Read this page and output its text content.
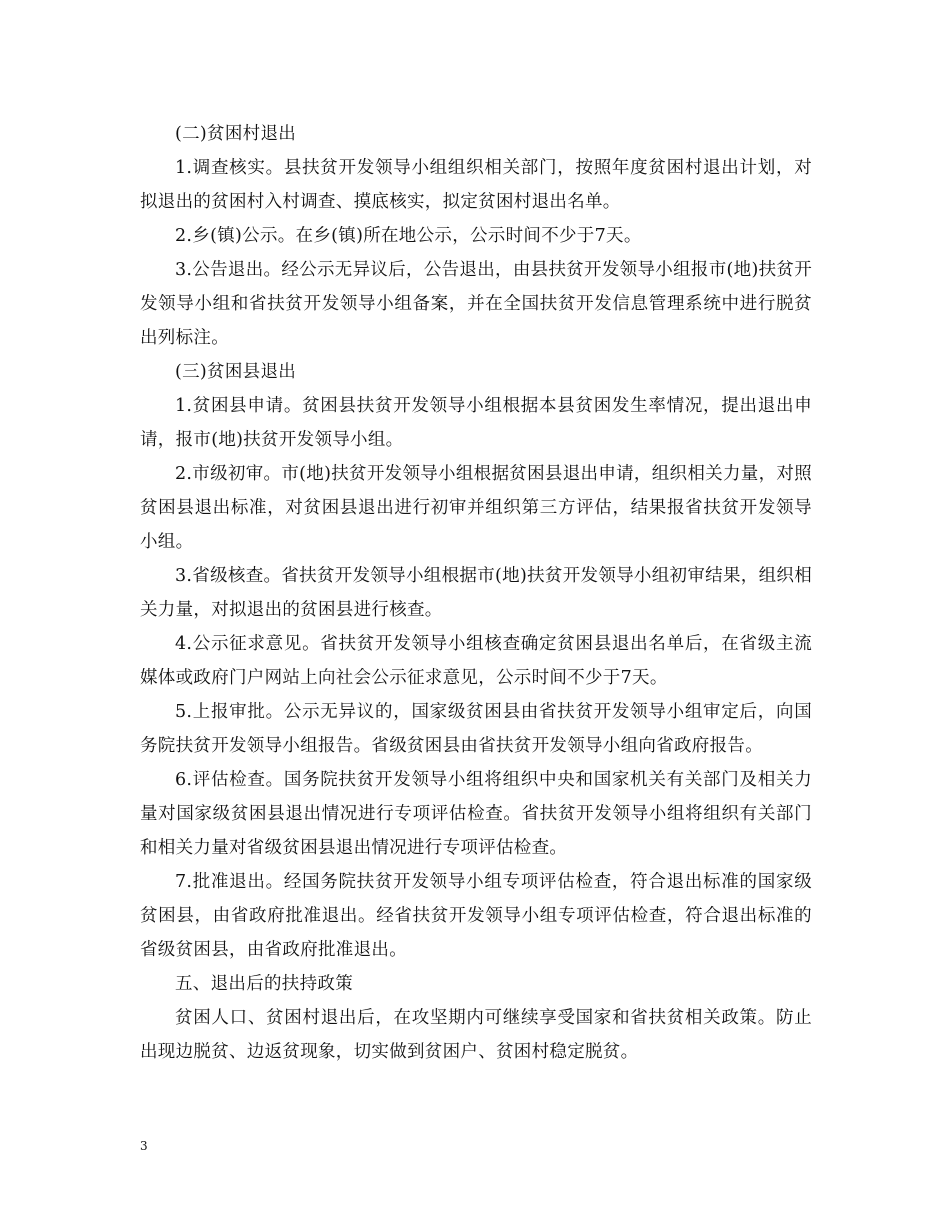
(二)贫困村退出

1.调查核实。县扶贫开发领导小组组织相关部门，按照年度贫困村退出计划，对拟退出的贫困村入村调查、摸底核实，拟定贫困村退出名单。

2.乡(镇)公示。在乡(镇)所在地公示，公示时间不少于7天。

3.公告退出。经公示无异议后，公告退出，由县扶贫开发领导小组报市(地)扶贫开发领导小组和省扶贫开发领导小组备案，并在全国扶贫开发信息管理系统中进行脱贫出列标注。

(三)贫困县退出

1.贫困县申请。贫困县扶贫开发领导小组根据本县贫困发生率情况，提出退出申请，报市(地)扶贫开发领导小组。

2.市级初审。市(地)扶贫开发领导小组根据贫困县退出申请，组织相关力量，对照贫困县退出标准，对贫困县退出进行初审并组织第三方评估，结果报省扶贫开发领导小组。

3.省级核查。省扶贫开发领导小组根据市(地)扶贫开发领导小组初审结果，组织相关力量，对拟退出的贫困县进行核查。

4.公示征求意见。省扶贫开发领导小组核查确定贫困县退出名单后，在省级主流媒体或政府门户网站上向社会公示征求意见，公示时间不少于7天。

5.上报审批。公示无异议的，国家级贫困县由省扶贫开发领导小组审定后，向国务院扶贫开发领导小组报告。省级贫困县由省扶贫开发领导小组向省政府报告。

6.评估检查。国务院扶贫开发领导小组将组织中央和国家机关有关部门及相关力量对国家级贫困县退出情况进行专项评估检查。省扶贫开发领导小组将组织有关部门和相关力量对省级贫困县退出情况进行专项评估检查。

7.批准退出。经国务院扶贫开发领导小组专项评估检查，符合退出标准的国家级贫困县，由省政府批准退出。经省扶贫开发领导小组专项评估检查，符合退出标准的省级贫困县，由省政府批准退出。

五、退出后的扶持政策

贫困人口、贫困村退出后，在攻坚期内可继续享受国家和省扶贫相关政策。防止出现边脱贫、边返贫现象，切实做到贫困户、贫困村稳定脱贫。

3
